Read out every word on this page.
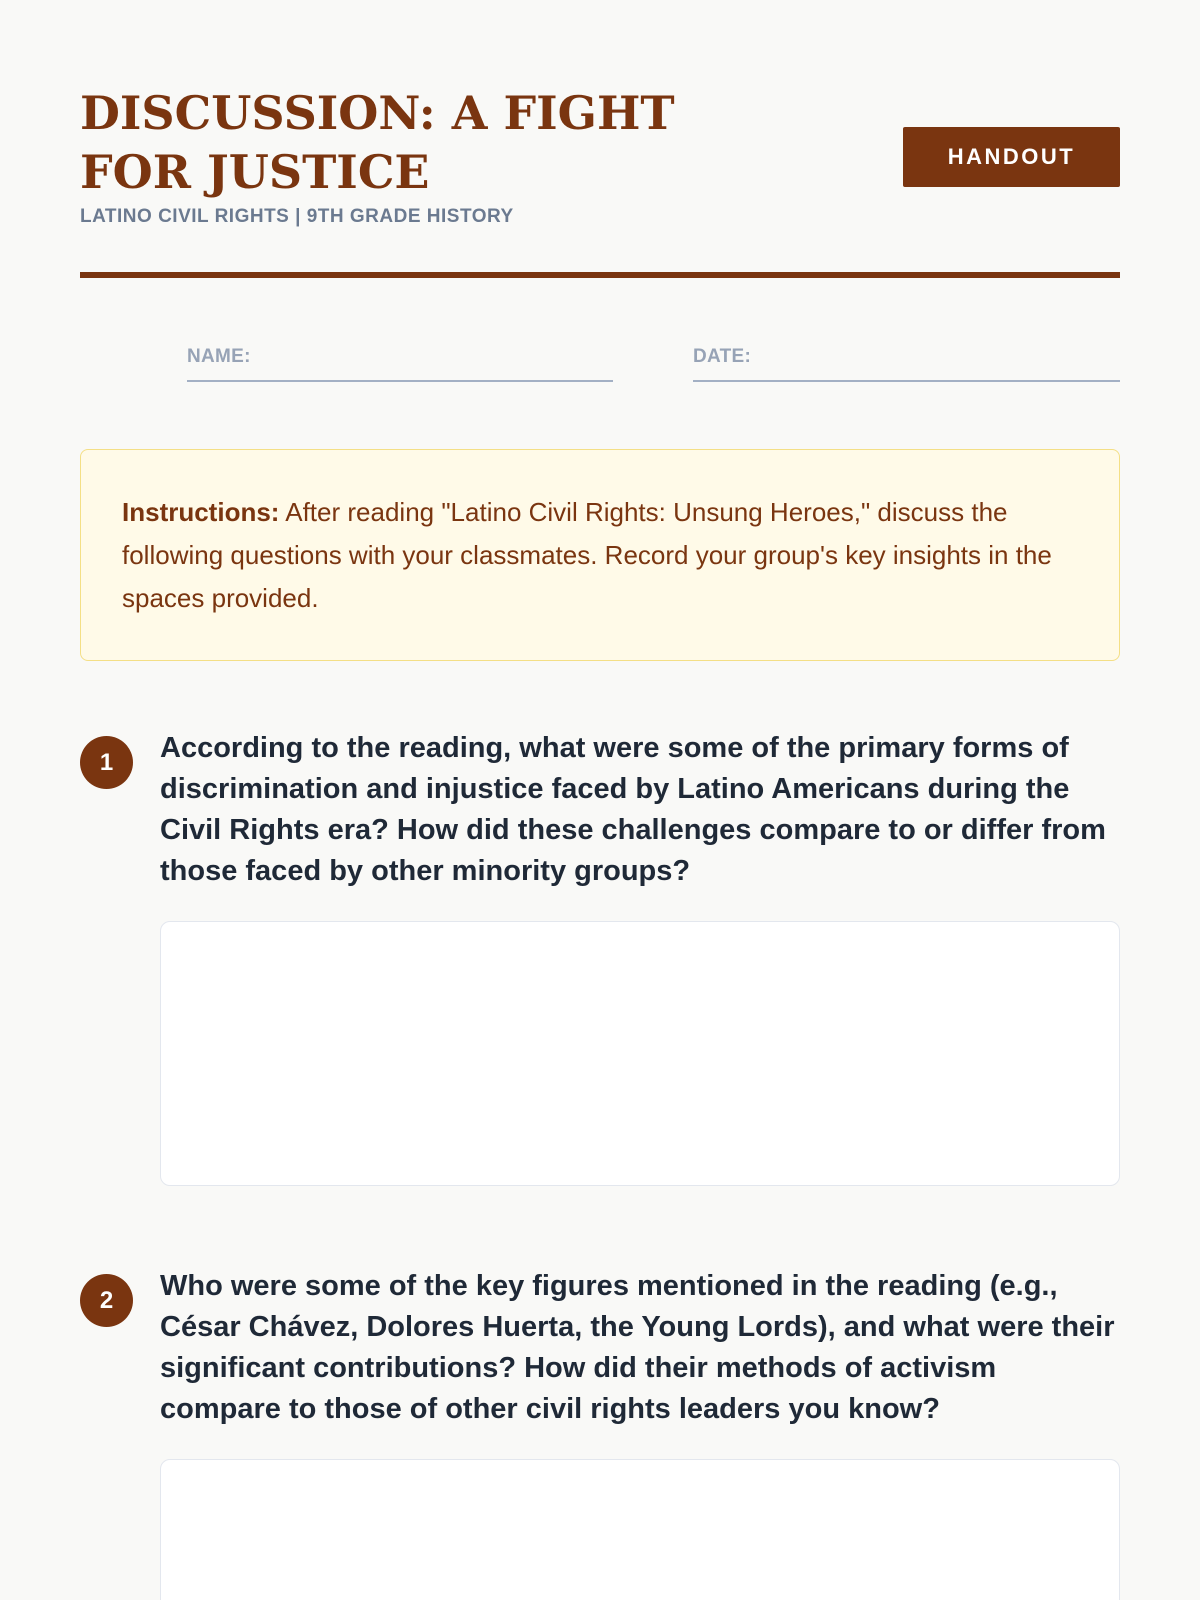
DISCUSSION: A FIGHT FOR JUSTICE
LATINO CIVIL RIGHTS | 9TH GRADE HISTORY
HANDOUT
NAME:	DATE:
Instructions: After reading "Latino Civil Rights: Unsung Heroes," discuss the following questions with your classmates. Record your group's key insights in the spaces provided.
1	According to the reading, what were some of the primary forms of discrimination and injustice faced by Latino Americans during the Civil Rights era? How did these challenges compare to or differ from those faced by other minority groups?
2	Who were some of the key figures mentioned in the reading (e.g., César Chávez, Dolores Huerta, the Young Lords), and what were their significant contributions? How did their methods of activism compare to those of other civil rights leaders you know?
